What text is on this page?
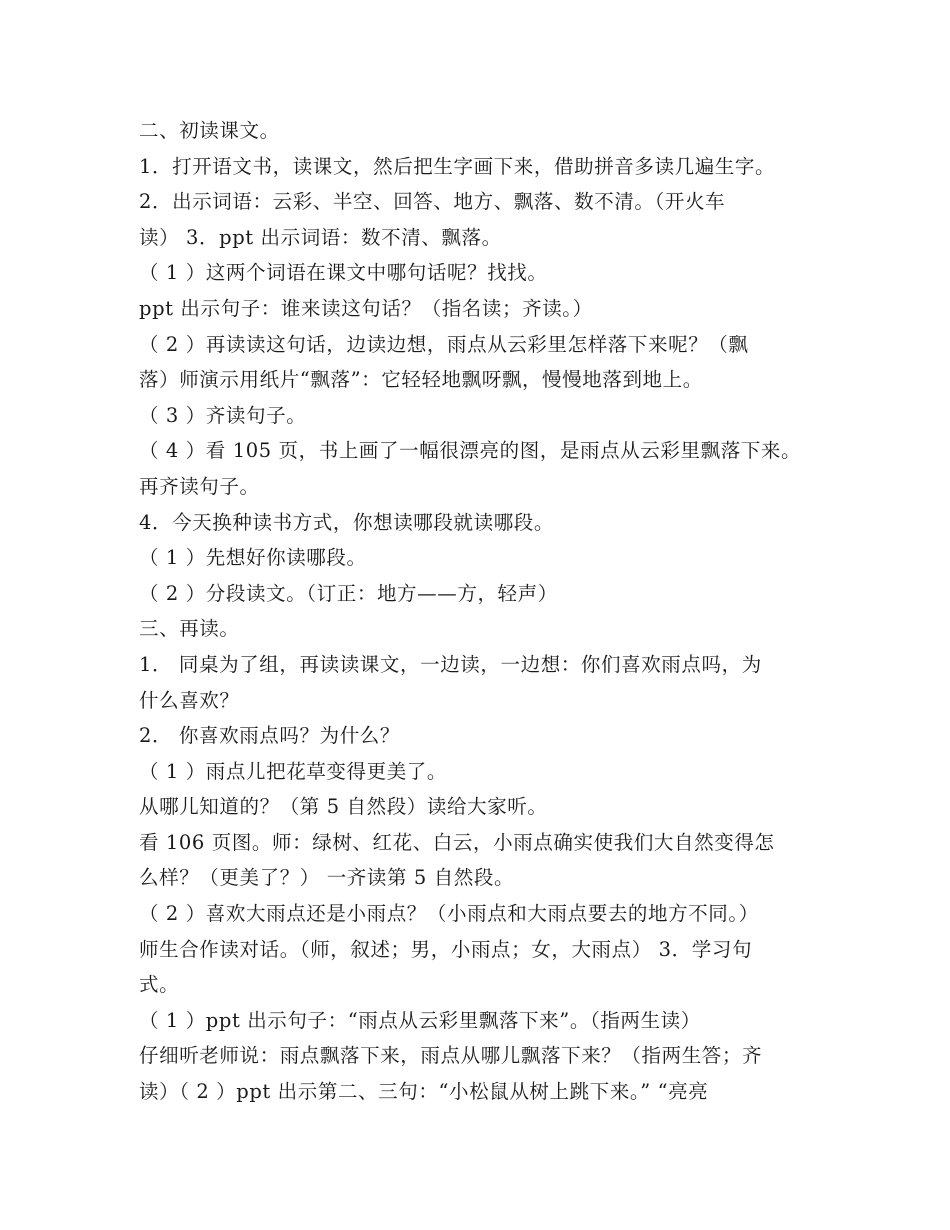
二、初读课文。
1．打开语文书，读课文，然后把生字画下来，借助拼音多读几遍生字。
2．出示词语：云彩、半空、回答、地方、飘落、数不清。（开火车
读） 3．ppt 出示词语：数不清、飘落。
（ 1 ）这两个词语在课文中哪句话呢？找找。
ppt 出示句子：谁来读这句话？（指名读；齐读。）
（ 2 ）再读读这句话，边读边想，雨点从云彩里怎样落下来呢？（飘
落）师演示用纸片“飘落”：它轻轻地飘呀飘，慢慢地落到地上。
（ 3 ）齐读句子。
（ 4 ）看 105 页，书上画了一幅很漂亮的图，是雨点从云彩里飘落下来。
再齐读句子。
4．今天换种读书方式，你想读哪段就读哪段。
（ 1 ）先想好你读哪段。
（ 2 ）分段读文。（订正：地方——方，轻声）
三、再读。
1． 同桌为了组，再读读课文，一边读，一边想：你们喜欢雨点吗，为
什么喜欢？
2． 你喜欢雨点吗？为什么？
（ 1 ）雨点儿把花草变得更美了。
从哪儿知道的？（第 5 自然段）读给大家听。
看 106 页图。师：绿树、红花、白云，小雨点确实使我们大自然变得怎
么样？（更美了？） 一齐读第 5 自然段。
（ 2 ）喜欢大雨点还是小雨点？（小雨点和大雨点要去的地方不同。）
师生合作读对话。（师，叙述；男，小雨点；女，大雨点） 3．学习句
式。
（ 1 ）ppt 出示句子：“雨点从云彩里飘落下来”。（指两生读）
仔细听老师说：雨点飘落下来，雨点从哪儿飘落下来？（指两生答；齐
读）（ 2 ）ppt 出示第二、三句：“小松鼠从树上跳下来。” “亮亮
